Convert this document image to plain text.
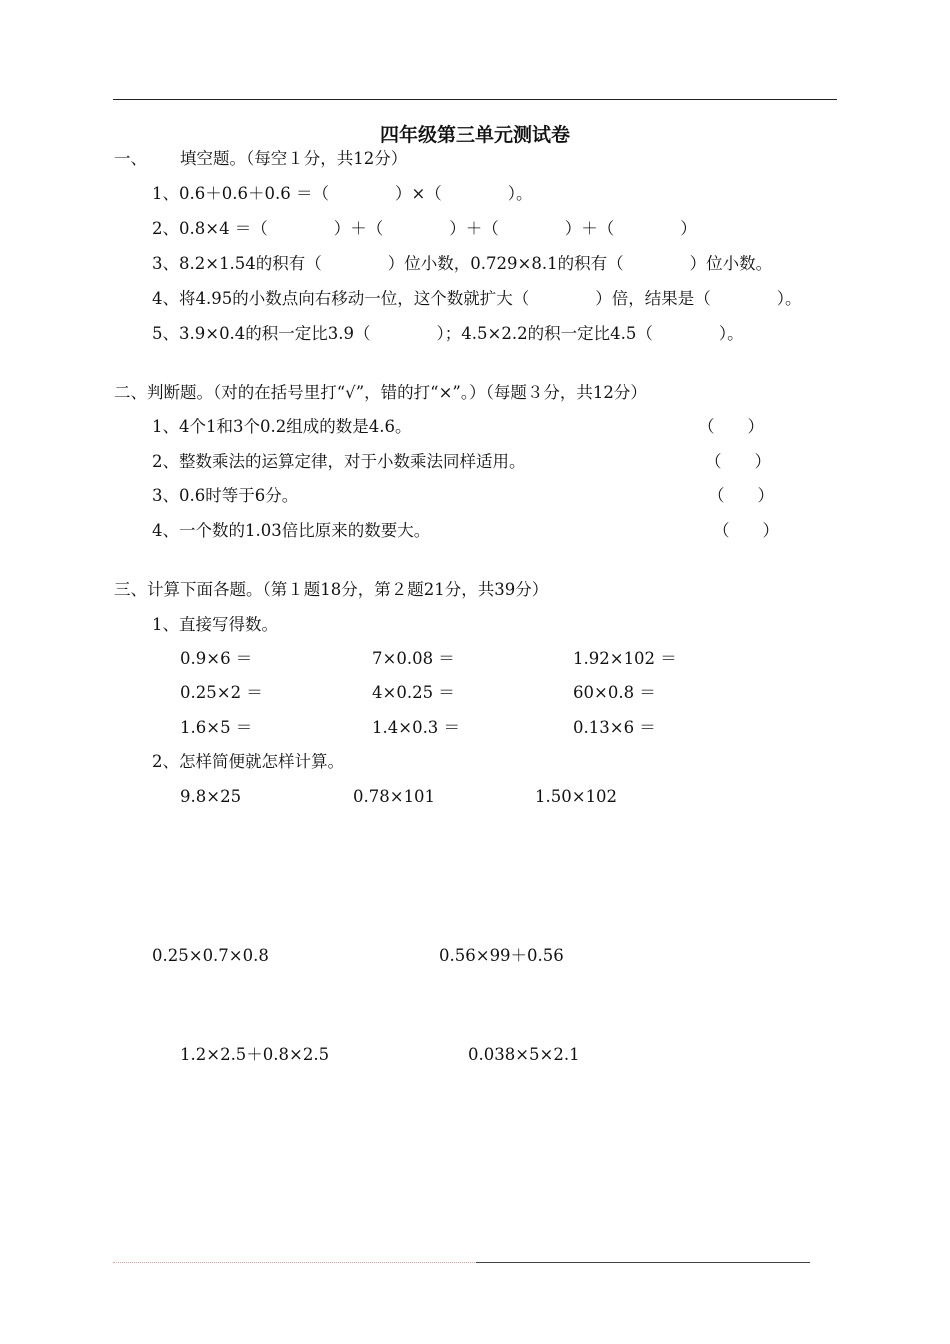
四年级第三单元测试卷
一、 填空题。（每空１分，共12分）
1、0.6＋0.6＋0.6 ＝（　　　　）×（　　　　）。
2、0.8×4 ＝（　　　　）＋（　　　　）＋（　　　　）＋（　　　　）
3、8.2×1.54的积有（　　　　）位小数，0.729×8.1的积有（　　　　）位小数。
4、将4.95的小数点向右移动一位，这个数就扩大（　　　　）倍，结果是（　　　　）。
5、3.9×0.4的积一定比3.9（　　　　）；4.5×2.2的积一定比4.5（　　　　）。
二、判断题。（对的在括号里打“√”，错的打“×”。）（每题３分，共12分）
1、4个1和3个0.2组成的数是4.6。	（　　）
2、整数乘法的运算定律，对于小数乘法同样适用。	（　　）
3、0.6时等于6分。	（　　）
4、一个数的1.03倍比原来的数要大。	（　　）
三、计算下面各题。（第１题18分，第２题21分，共39分）
1、直接写得数。
0.9×6 ＝	7×0.08 ＝	1.92×102 ＝
0.25×2 ＝	4×0.25 ＝	60×0.8 ＝
1.6×5 ＝	1.4×0.3 ＝	0.13×6 ＝
2、怎样简便就怎样计算。
9.8×25	0.78×101	1.50×102
0.25×0.7×0.8	0.56×99＋0.56
1.2×2.5＋0.8×2.5	0.038×5×2.1
